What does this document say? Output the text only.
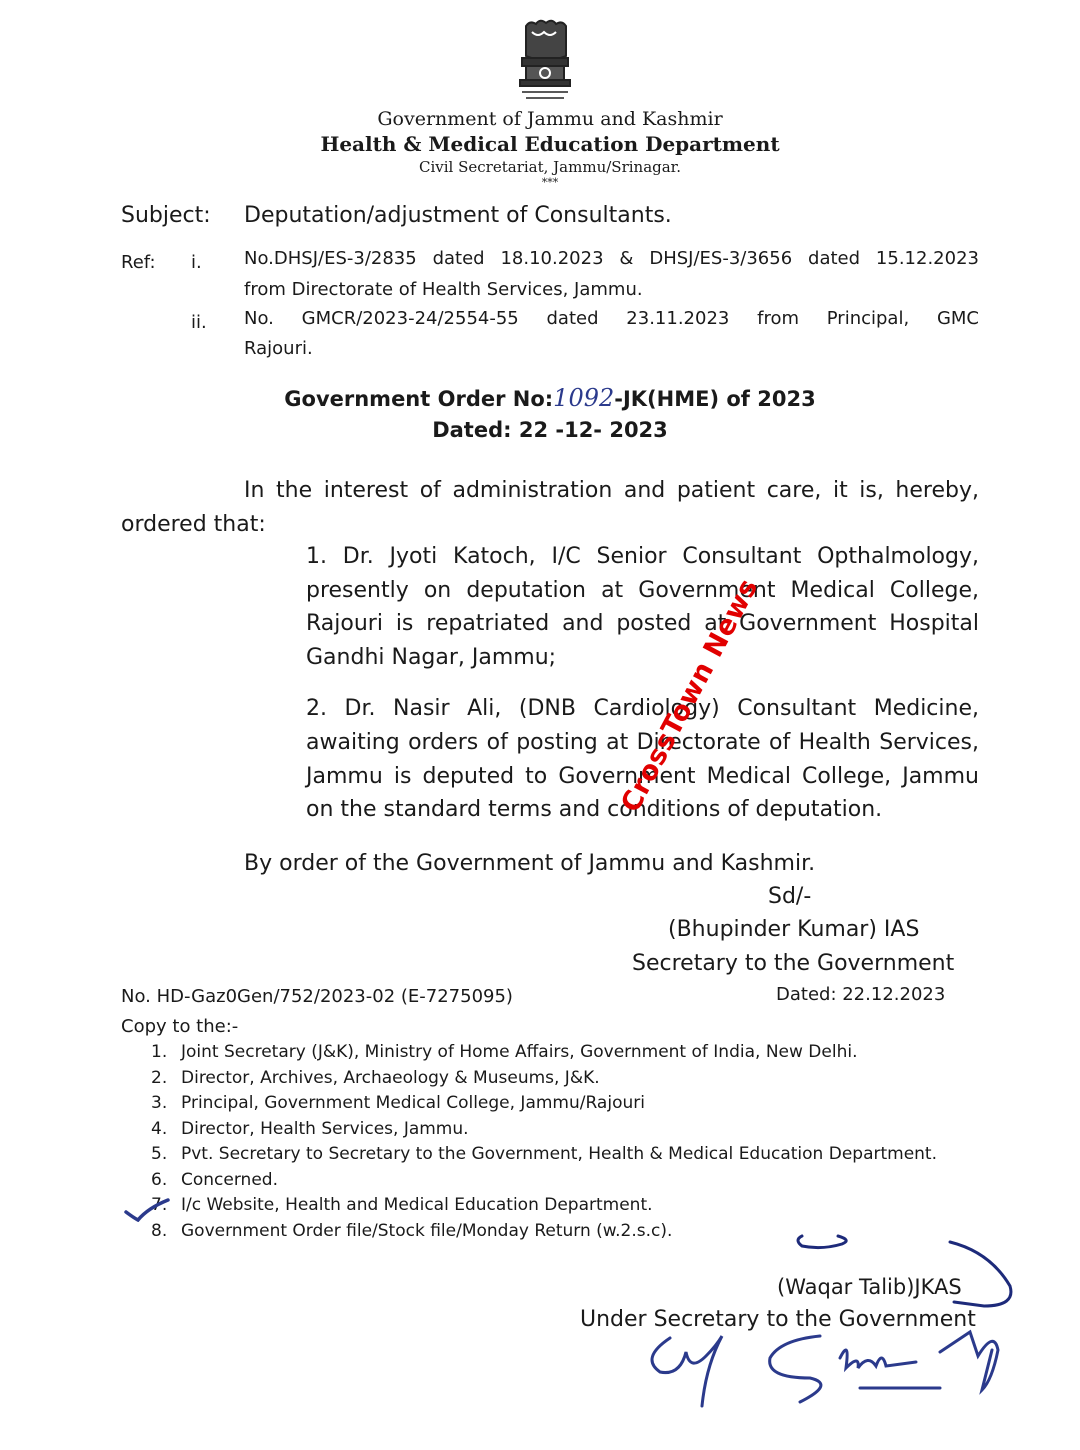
Government of Jammu and Kashmir
Health & Medical Education Department
Civil Secretariat, Jammu/Srinagar.
***
Subject: Deputation/adjustment of Consultants.
Ref: i. No.DHSJ/ES-3/2835 dated 18.10.2023 & DHSJ/ES-3/3656 dated 15.12.2023
from Directorate of Health Services, Jammu.
ii. No. GMCR/2023-24/2554-55 dated 23.11.2023 from Principal, GMC
Rajouri.
Government Order No:1092-JK(HME) of 2023
Dated: 22 -12- 2023
In the interest of administration and patient care, it is, hereby,
ordered that:
1. Dr. Jyoti Katoch, I/C Senior Consultant Opthalmology,
presently on deputation at Government Medical College,
Rajouri is repatriated and posted at Government Hospital
Gandhi Nagar, Jammu;
2. Dr. Nasir Ali, (DNB Cardiology) Consultant Medicine,
awaiting orders of posting at Directorate of Health Services,
Jammu is deputed to Government Medical College, Jammu
on the standard terms and conditions of deputation.
By order of the Government of Jammu and Kashmir.
Sd/-
(Bhupinder Kumar) IAS
Secretary to the Government
No. HD-Gaz0Gen/752/2023-02 (E-7275095)	Dated: 22.12.2023
Copy to the:-
1. Joint Secretary (J&K), Ministry of Home Affairs, Government of India, New Delhi.
2. Director, Archives, Archaeology & Museums, J&K.
3. Principal, Government Medical College, Jammu/Rajouri
4. Director, Health Services, Jammu.
5. Pvt. Secretary to Secretary to the Government, Health & Medical Education Department.
6. Concerned.
7. I/c Website, Health and Medical Education Department.
8. Government Order file/Stock file/Monday Return (w.2.s.c).
(Waqar Talib)JKAS
Under Secretary to the Government
CrossTown News
